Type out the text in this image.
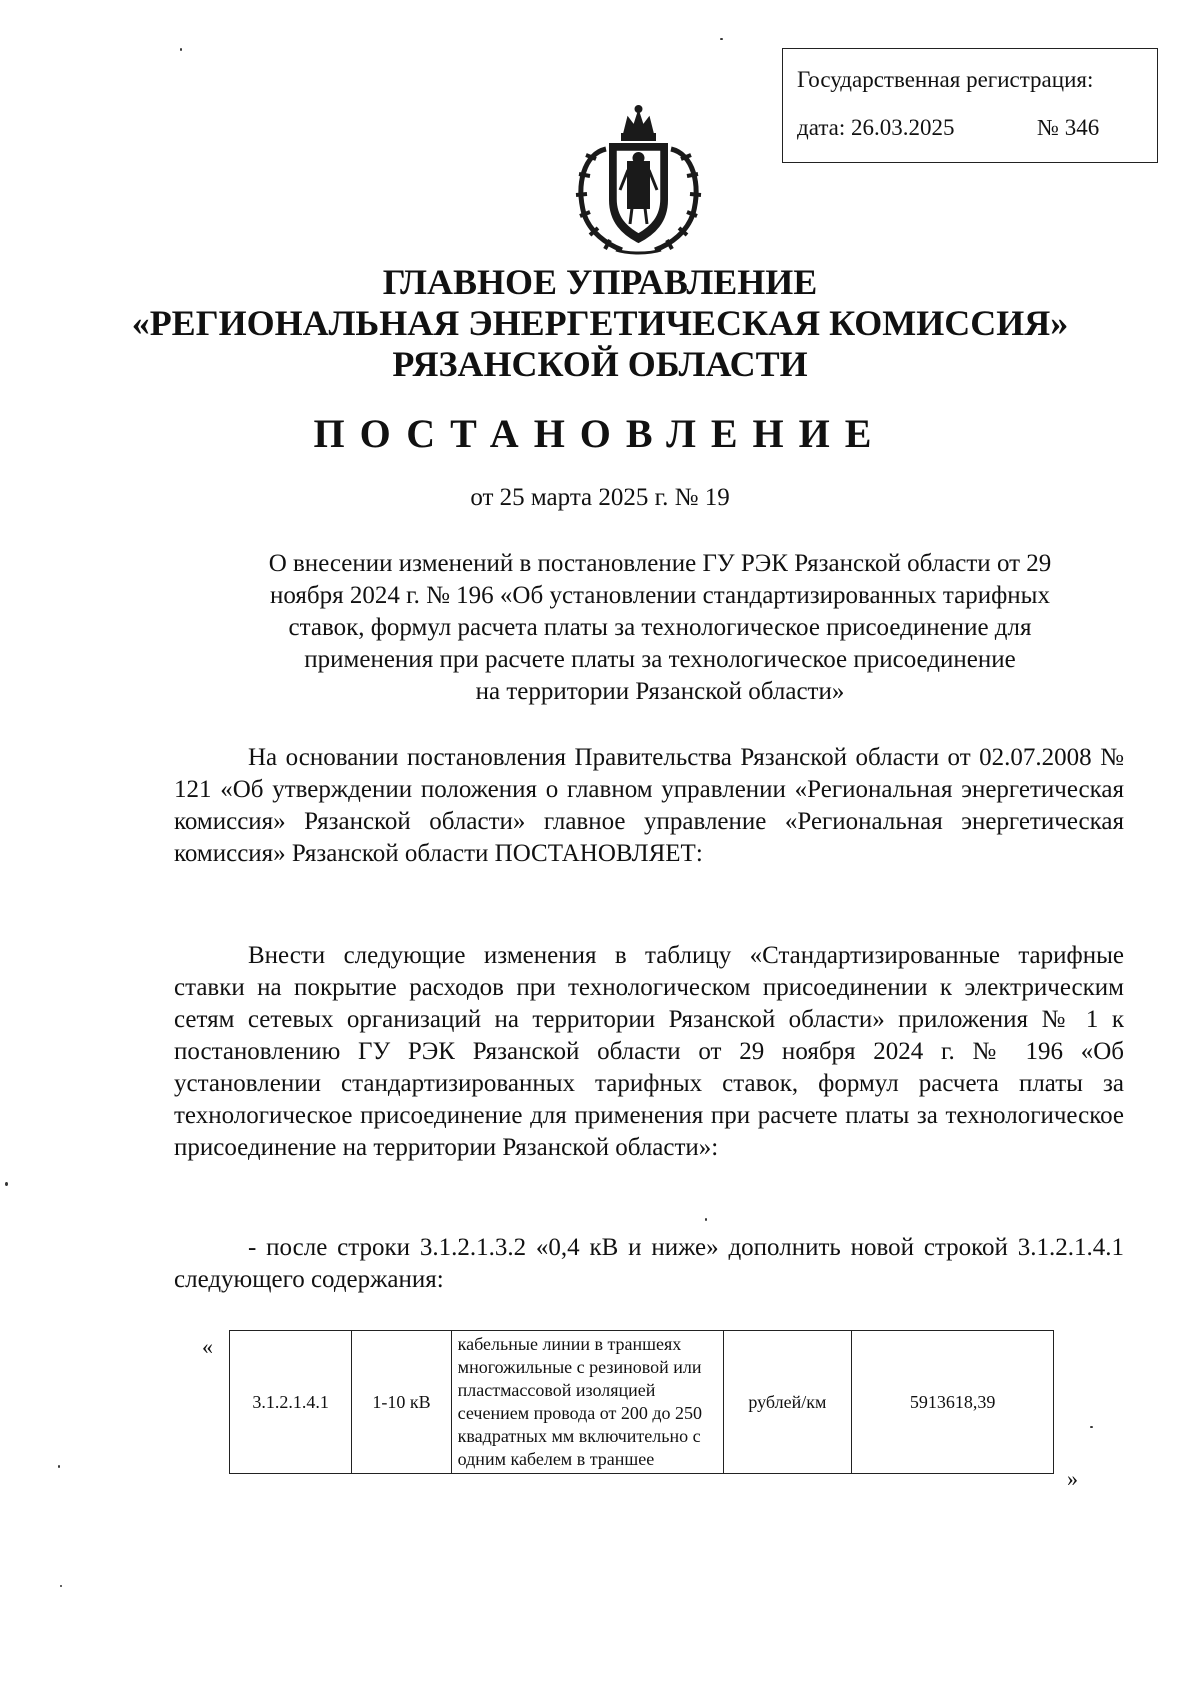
Государственная регистрация:
дата: 26.03.2025	№ 346
ГЛАВНОЕ УПРАВЛЕНИЕ
«РЕГИОНАЛЬНАЯ ЭНЕРГЕТИЧЕСКАЯ КОМИССИЯ»
РЯЗАНСКОЙ ОБЛАСТИ
ПОСТАНОВЛЕНИЕ
от 25 марта 2025 г. № 19
О внесении изменений в постановление ГУ РЭК Рязанской области от 29
ноября 2024 г. № 196 «Об установлении стандартизированных тарифных
ставок, формул расчета платы за технологическое присоединение для
применения при расчете платы за технологическое присоединение
на территории Рязанской области»
На основании постановления Правительства Рязанской области от 02.07.2008 № 121 «Об утверждении положения о главном управлении «Региональная энергетическая комиссия» Рязанской области» главное управление «Региональная энергетическая комиссия» Рязанской области ПОСТАНОВЛЯЕТ:
Внести следующие изменения в таблицу «Стандартизированные тарифные ставки на покрытие расходов при технологическом присоединении к электрическим сетям сетевых организаций на территории Рязанской области» приложения № 1 к постановлению ГУ РЭК Рязанской области от 29 ноября 2024 г. № 196 «Об установлении стандартизированных тарифных ставок, формул расчета платы за технологическое присоединение для применения при расчете платы за технологическое присоединение на территории Рязанской области»:
- после строки 3.1.2.1.3.2 «0,4 кВ и ниже» дополнить новой строкой 3.1.2.1.4.1 следующего содержания:
«
3.1.2.1.4.1	1-10 кВ	кабельные линии в траншеях многожильные с резиновой или пластмассовой изоляцией сечением провода от 200 до 250 квадратных мм включительно с одним кабелем в траншее	рублей/км	5913618,39
»
